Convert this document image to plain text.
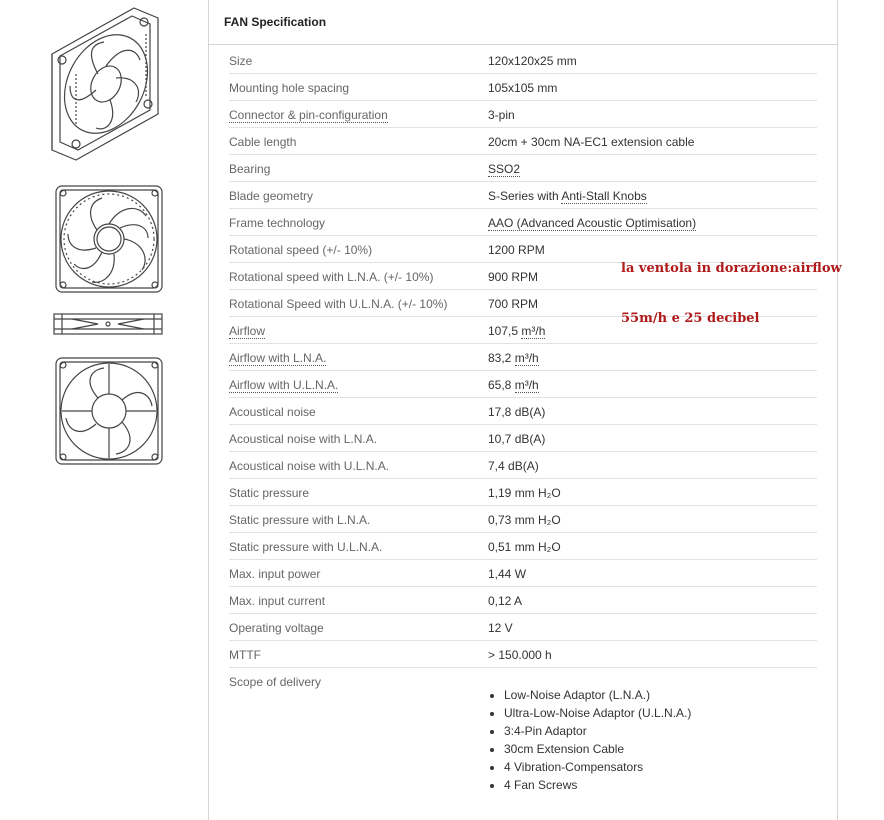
FAN Specification
Size	120x120x25 mm
Mounting hole spacing	105x105 mm
Connector & pin-configuration	3-pin
Cable length	20cm + 30cm NA-EC1 extension cable
Bearing	SSO2
Blade geometry	S-Series with Anti-Stall Knobs
Frame technology	AAO (Advanced Acoustic Optimisation)
Rotational speed (+/- 10%)	1200 RPM
Rotational speed with L.N.A. (+/- 10%)	900 RPM
Rotational Speed with U.L.N.A. (+/- 10%)	700 RPM
Airflow	107,5 m³/h
Airflow with L.N.A.	83,2 m³/h
Airflow with U.L.N.A.	65,8 m³/h
Acoustical noise	17,8 dB(A)
Acoustical noise with L.N.A.	10,7 dB(A)
Acoustical noise with U.L.N.A.	7,4 dB(A)
Static pressure	1,19 mm H₂O
Static pressure with L.N.A.	0,73 mm H₂O
Static pressure with U.L.N.A.	0,51 mm H₂O
Max. input power	1,44 W
Max. input current	0,12 A
Operating voltage	12 V
MTTF	> 150.000 h
Scope of delivery
• Low-Noise Adaptor (L.N.A.)
• Ultra-Low-Noise Adaptor (U.L.N.A.)
• 3:4-Pin Adaptor
• 30cm Extension Cable
• 4 Vibration-Compensators
• 4 Fan Screws
la ventola in dorazione:airflow
55m/h e 25 decibel
